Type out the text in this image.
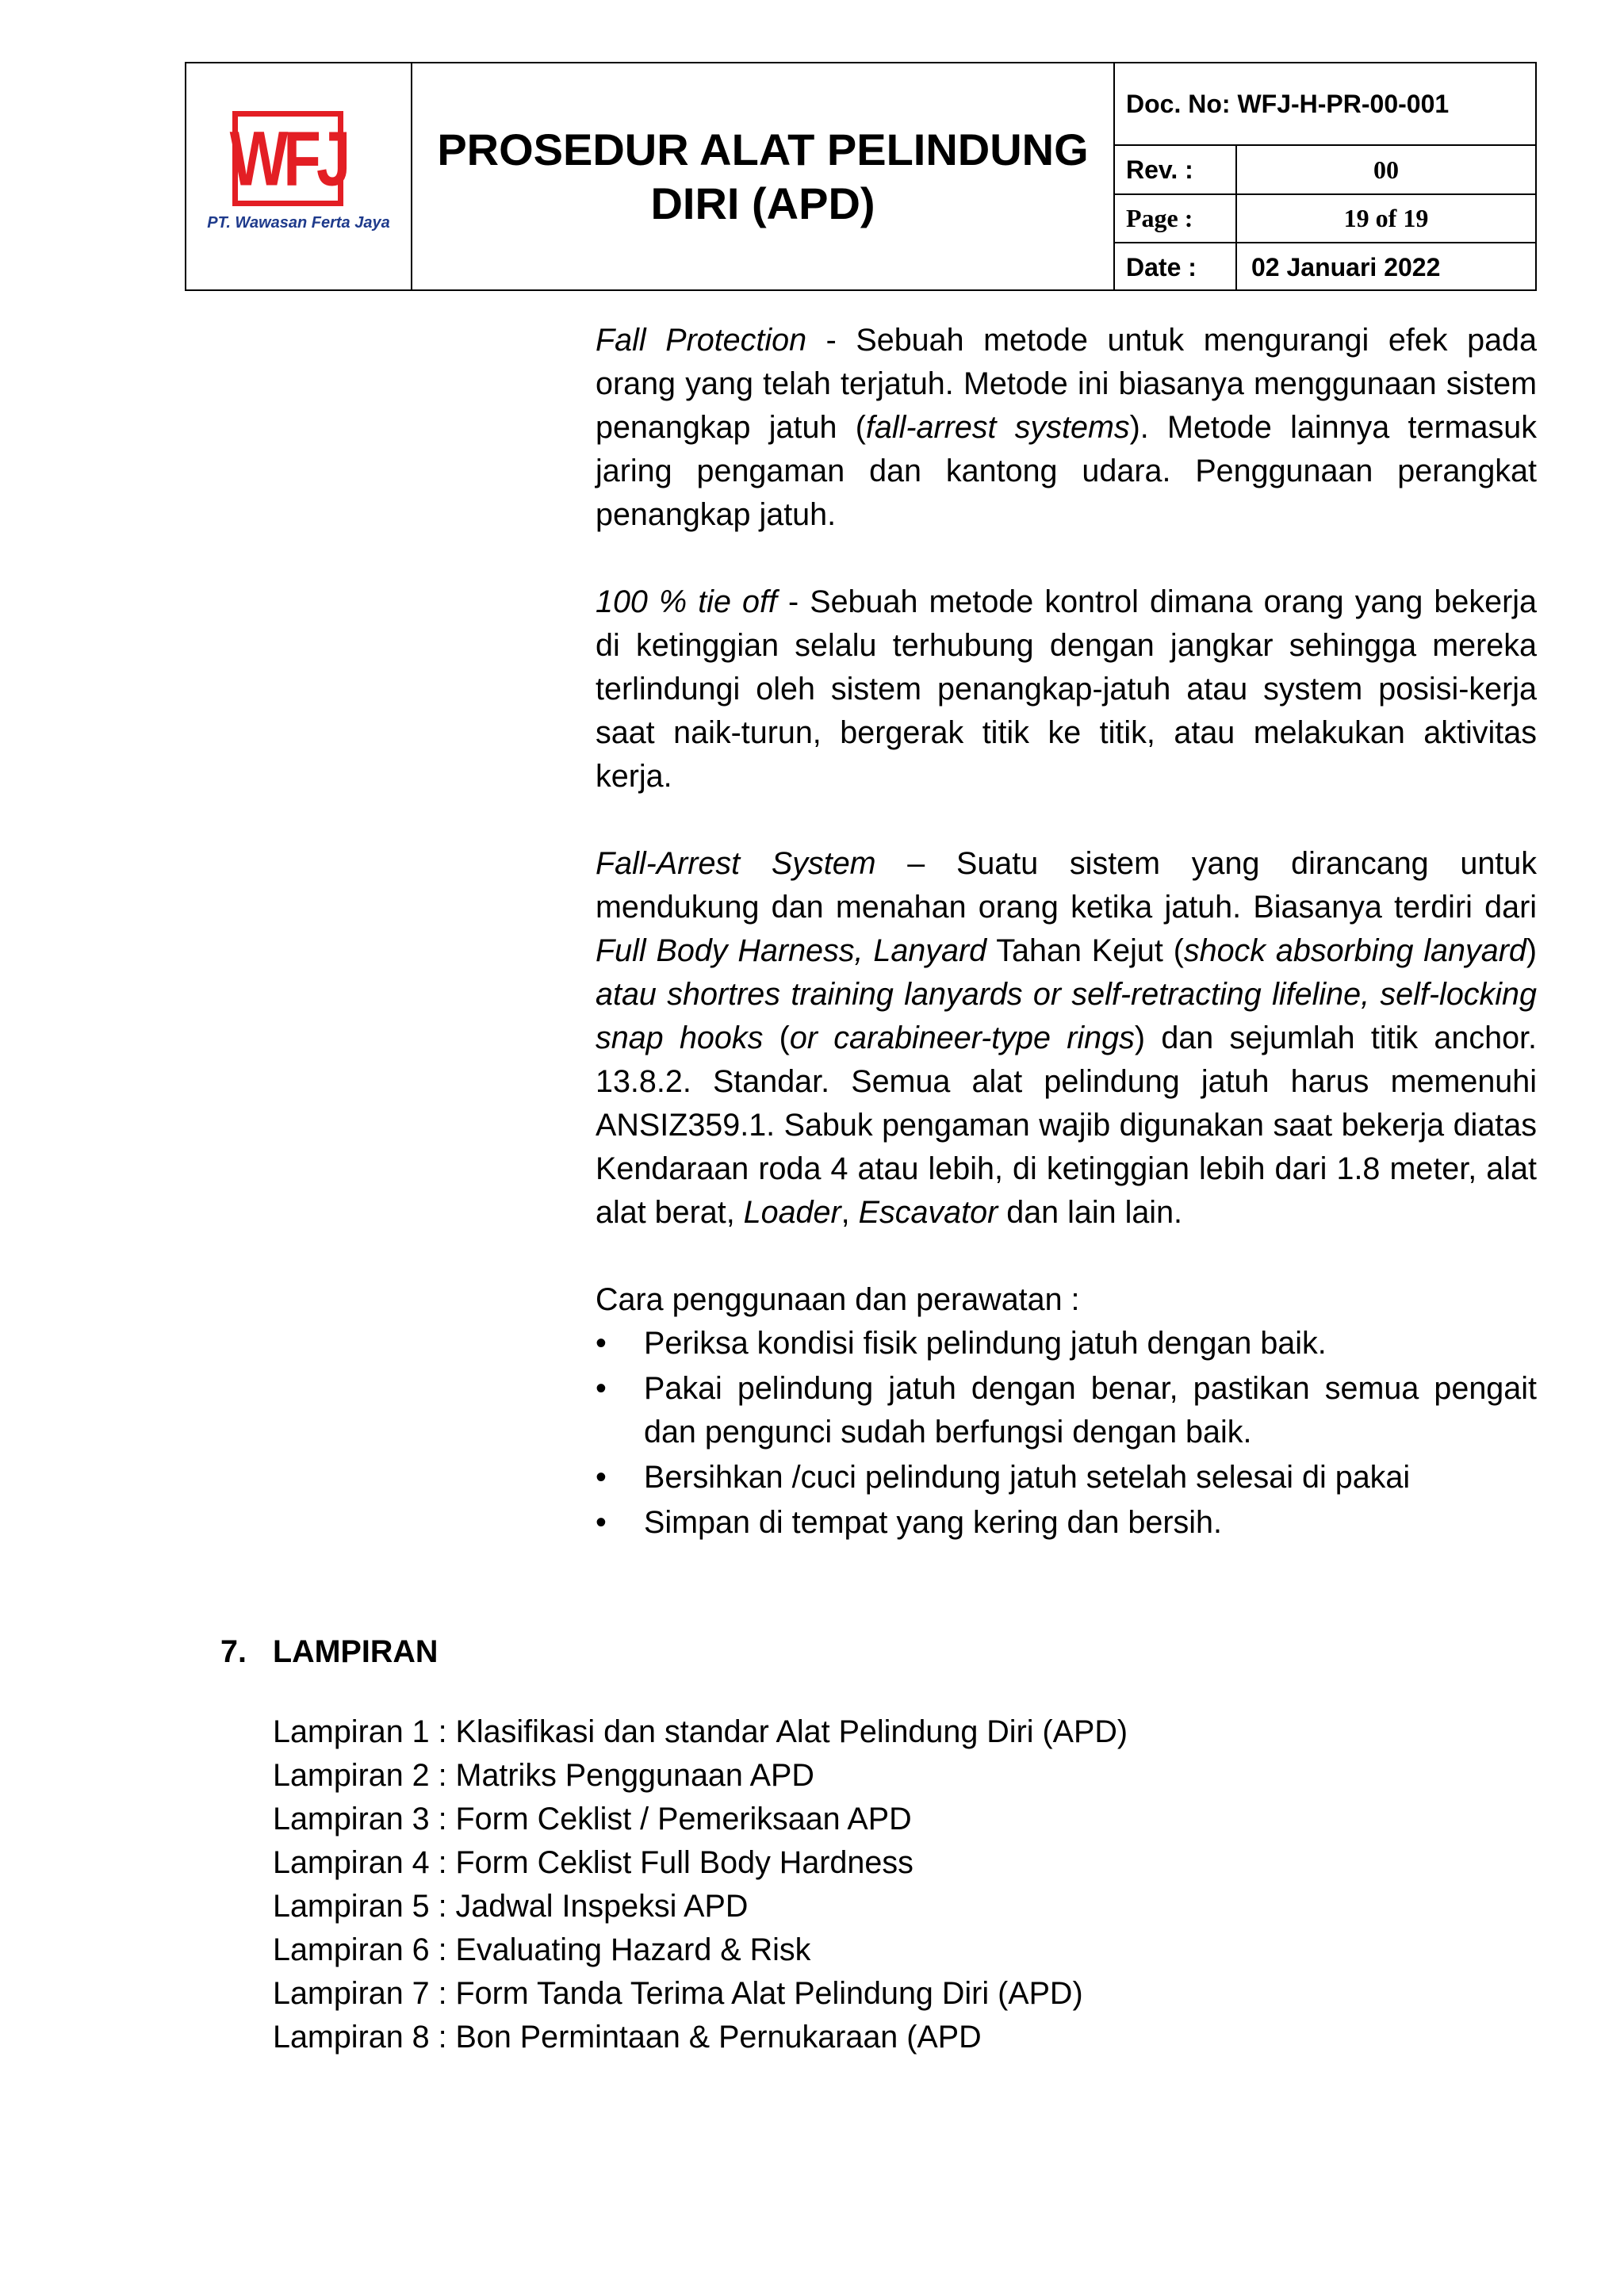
WFJ
PT. Wawasan Ferta Jaya
PROSEDUR ALAT PELINDUNG
DIRI (APD)
Doc. No: WFJ-H-PR-00-001
Rev. :	00
Page :	19 of 19
Date :	02 Januari 2022

Fall Protection - Sebuah metode untuk mengurangi efek pada orang yang telah terjatuh. Metode ini biasanya menggunaan sistem penangkap jatuh (fall-arrest systems). Metode lainnya termasuk jaring pengaman dan kantong udara. Penggunaan perangkat penangkap jatuh.

100 % tie off - Sebuah metode kontrol dimana orang yang bekerja di ketinggian selalu terhubung dengan jangkar sehingga mereka terlindungi oleh sistem penangkap-jatuh atau system posisi-kerja saat naik-turun, bergerak titik ke titik, atau melakukan aktivitas kerja.

Fall-Arrest System – Suatu sistem yang dirancang untuk mendukung dan menahan orang ketika jatuh. Biasanya terdiri dari Full Body Harness, Lanyard Tahan Kejut (shock absorbing lanyard) atau shortres training lanyards or self-retracting lifeline, self-locking snap hooks (or carabineer-type rings) dan sejumlah titik anchor. 13.8.2. Standar. Semua alat pelindung jatuh harus memenuhi ANSIZ359.1. Sabuk pengaman wajib digunakan saat bekerja diatas Kendaraan roda 4 atau lebih, di ketinggian lebih dari 1.8 meter, alat alat berat, Loader, Escavator dan lain lain.

Cara penggunaan dan perawatan :

• Periksa kondisi fisik pelindung jatuh dengan baik.
• Pakai pelindung jatuh dengan benar, pastikan semua pengait dan pengunci sudah berfungsi dengan baik.
• Bersihkan /cuci pelindung jatuh setelah selesai di pakai
• Simpan di tempat yang kering dan bersih.
7. LAMPIRAN
Lampiran 1 : Klasifikasi dan standar Alat Pelindung Diri (APD)
Lampiran 2 : Matriks Penggunaan APD
Lampiran 3 : Form Ceklist / Pemeriksaan APD
Lampiran 4 : Form Ceklist Full Body Hardness
Lampiran 5 : Jadwal Inspeksi APD
Lampiran 6 : Evaluating Hazard & Risk
Lampiran 7 : Form Tanda Terima Alat Pelindung Diri (APD)
Lampiran 8 : Bon Permintaan & Pernukaraan (APD
